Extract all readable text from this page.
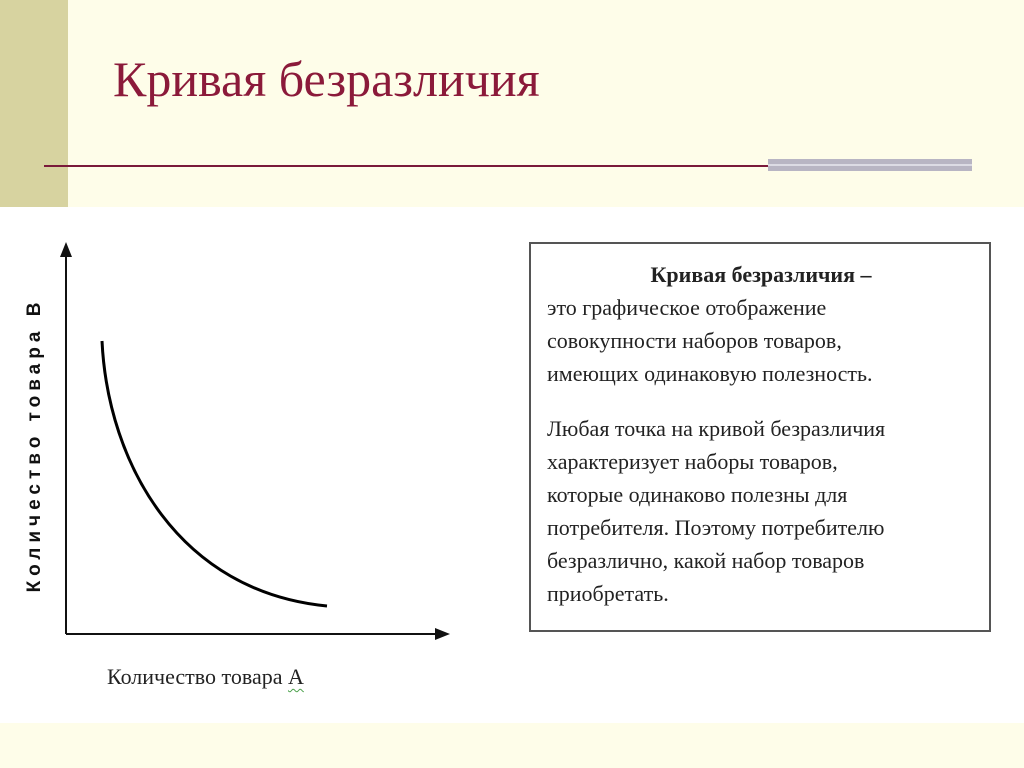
Кривая безразличия
Количество товара В
Количество товара А
Кривая безразличия –
это графическое отображение
совокупности наборов товаров,
имеющих одинаковую полезность.
Любая точка на кривой безразличия
характеризует наборы товаров,
которые одинаково полезны для
потребителя. Поэтому потребителю
безразлично, какой набор товаров
приобретать.
